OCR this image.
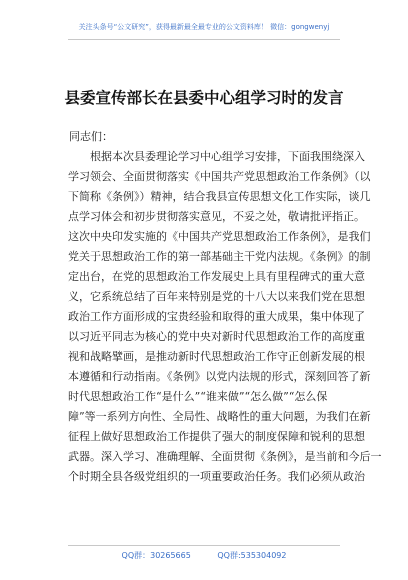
关注头条号“公文研究”，获得最新最全最专业的公文资料库！ 微信：gongwenyj
县委宣传部长在县委中心组学习时的发言
同志们：
根据本次县委理论学习中心组学习安排，下面我围绕深入
学习领会、全面贯彻落实《中国共产党思想政治工作条例》（以
下简称《条例》）精神，结合我县宣传思想文化工作实际，谈几
点学习体会和初步贯彻落实意见，不妥之处，敬请批评指正。
这次中央印发实施的《中国共产党思想政治工作条例》，是我们
党关于思想政治工作的第一部基础主干党内法规。《条例》的制
定出台，在党的思想政治工作发展史上具有里程碑式的重大意
义，它系统总结了百年来特别是党的十八大以来我们党在思想
政治工作方面形成的宝贵经验和取得的重大成果，集中体现了
以习近平同志为核心的党中央对新时代思想政治工作的高度重
视和战略擘画，是推动新时代思想政治工作守正创新发展的根
本遵循和行动指南。《条例》以党内法规的形式，深刻回答了新
时代思想政治工作“是什么”“谁来做”“怎么做”“怎么保
障”等一系列方向性、全局性、战略性的重大问题，为我们在新
征程上做好思想政治工作提供了强大的制度保障和锐利的思想
武器。深入学习、准确理解、全面贯彻《条例》，是当前和今后一
个时期全县各级党组织的一项重要政治任务。我们必须从政治
QQ群：30265665	QQ群:535304092
